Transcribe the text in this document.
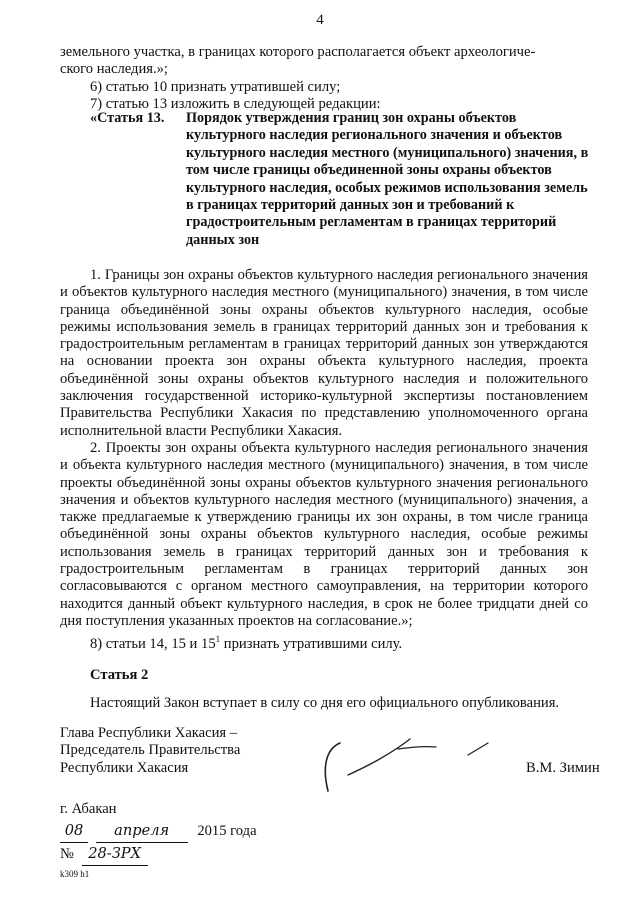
4

земельного участка, в границах которого располагается объект археологиче-

ского наследия.»;

6) статью 10 признать утратившей силу;

7) статью 13 изложить в следующей редакции:

«Статья 13.	Порядок утверждения границ зон охраны объектов культурного наследия регионального значения и объектов культурного наследия местного (муниципального) значения, в том числе границы объединенной зоны охраны объектов культурного наследия, особых режимов использования земель в границах территорий данных зон и требований к градостроительным регламентам в границах территорий данных зон

1. Границы зон охраны объектов культурного наследия регионального значения и объектов культурного наследия местного (муниципального) значения, в том числе граница объединённой зоны охраны объектов культурного наследия, особые режимы использования земель в границах территорий данных зон и требования к градостроительным регламентам в границах территорий данных зон утверждаются на основании проекта зон охраны объекта культурного наследия, проекта объединённой зоны охраны объектов культурного наследия и положительного заключения государственной историко-культурной экспертизы постановлением Правительства Республики Хакасия по представлению уполномоченного органа исполнительной власти Республики Хакасия.

2. Проекты зон охраны объекта культурного наследия регионального значения и объекта культурного наследия местного (муниципального) значения, в том числе проекты объединённой зоны охраны объектов культурного значения регионального значения и объектов культурного наследия местного (муниципального) значения, а также предлагаемые к утверждению границы их зон охраны, в том числе граница объединённой зоны охраны объектов культурного наследия, особые режимы использования земель в границах территорий данных зон и требования к градостроительным регламентам в границах территорий данных зон согласовываются с органом местного самоуправления, на территории которого находится данный объект культурного наследия, в срок не более тридцати дней со дня поступления указанных проектов на согласование.»;

8) статьи 14, 15 и $15^1$ признать утратившими силу.

Статья 2

Настоящий Закон вступает в силу со дня его официального опубликования.

Глава Республики Хакасия –
Председатель Правительства
Республики Хакасия	В.М. Зимин
г. Абакан
08 апреля 2015 года
№ 28-ЗРХ
k309 h1
